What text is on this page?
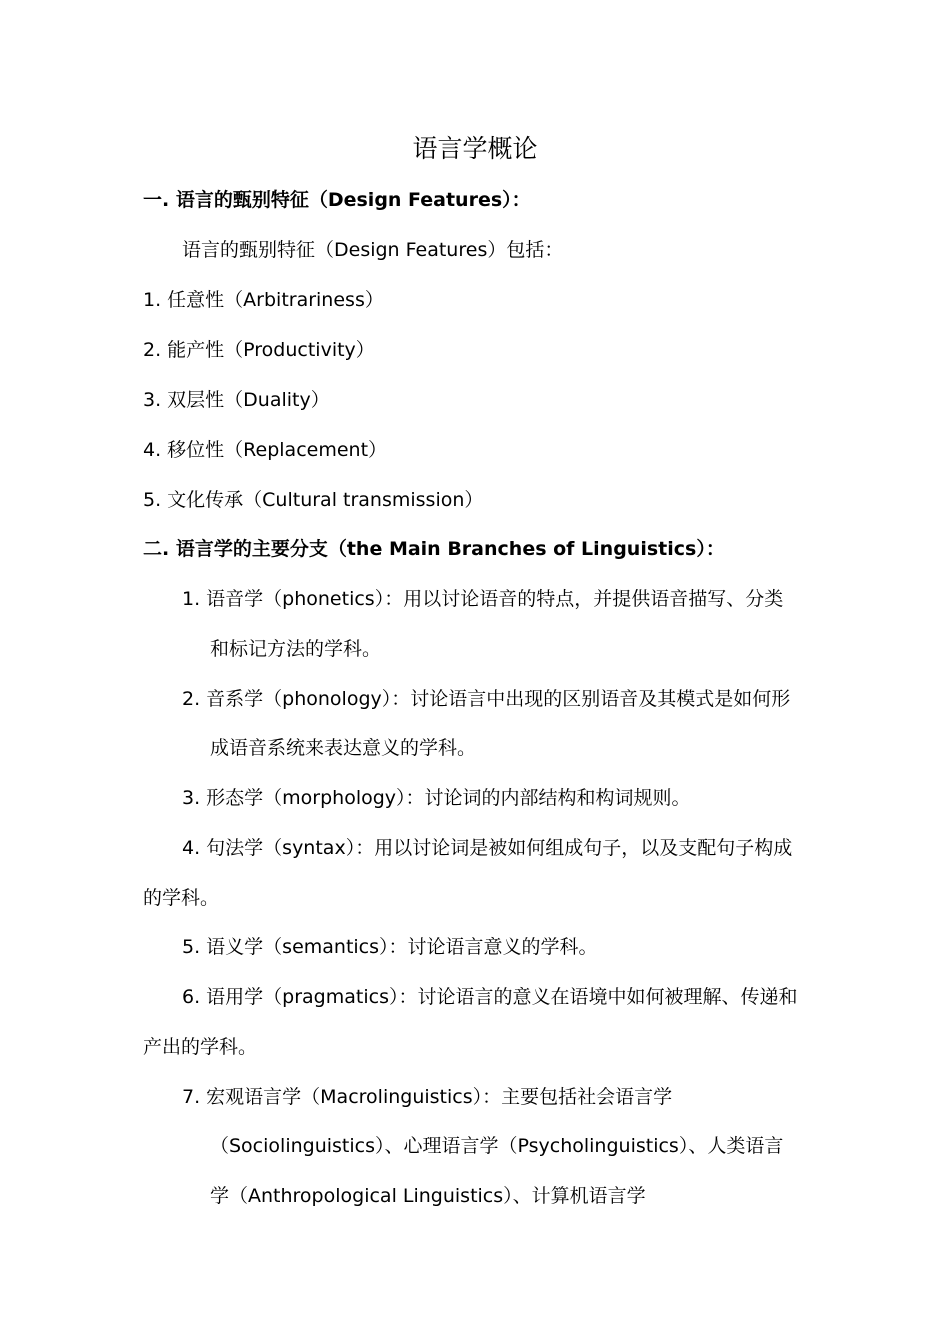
语言学概论
一. 语言的甄别特征（Design Features）：
语言的甄别特征（Design Features）包括：
1. 任意性（Arbitrariness）
2. 能产性（Productivity）
3. 双层性（Duality）
4. 移位性（Replacement）
5. 文化传承（Cultural transmission）
二. 语言学的主要分支（the Main Branches of Linguistics）：
1. 语音学（phonetics）：用以讨论语音的特点，并提供语音描写、分类
和标记方法的学科。
2. 音系学（phonology）：讨论语言中出现的区别语音及其模式是如何形
成语音系统来表达意义的学科。
3. 形态学（morphology）：讨论词的内部结构和构词规则。
4. 句法学（syntax）：用以讨论词是被如何组成句子，以及支配句子构成
的学科。
5. 语义学（semantics）：讨论语言意义的学科。
6. 语用学（pragmatics）：讨论语言的意义在语境中如何被理解、传递和
产出的学科。
7. 宏观语言学（Macrolinguistics）：主要包括社会语言学
（Sociolinguistics）、心理语言学（Psycholinguistics）、人类语言
学（Anthropological Linguistics）、计算机语言学
